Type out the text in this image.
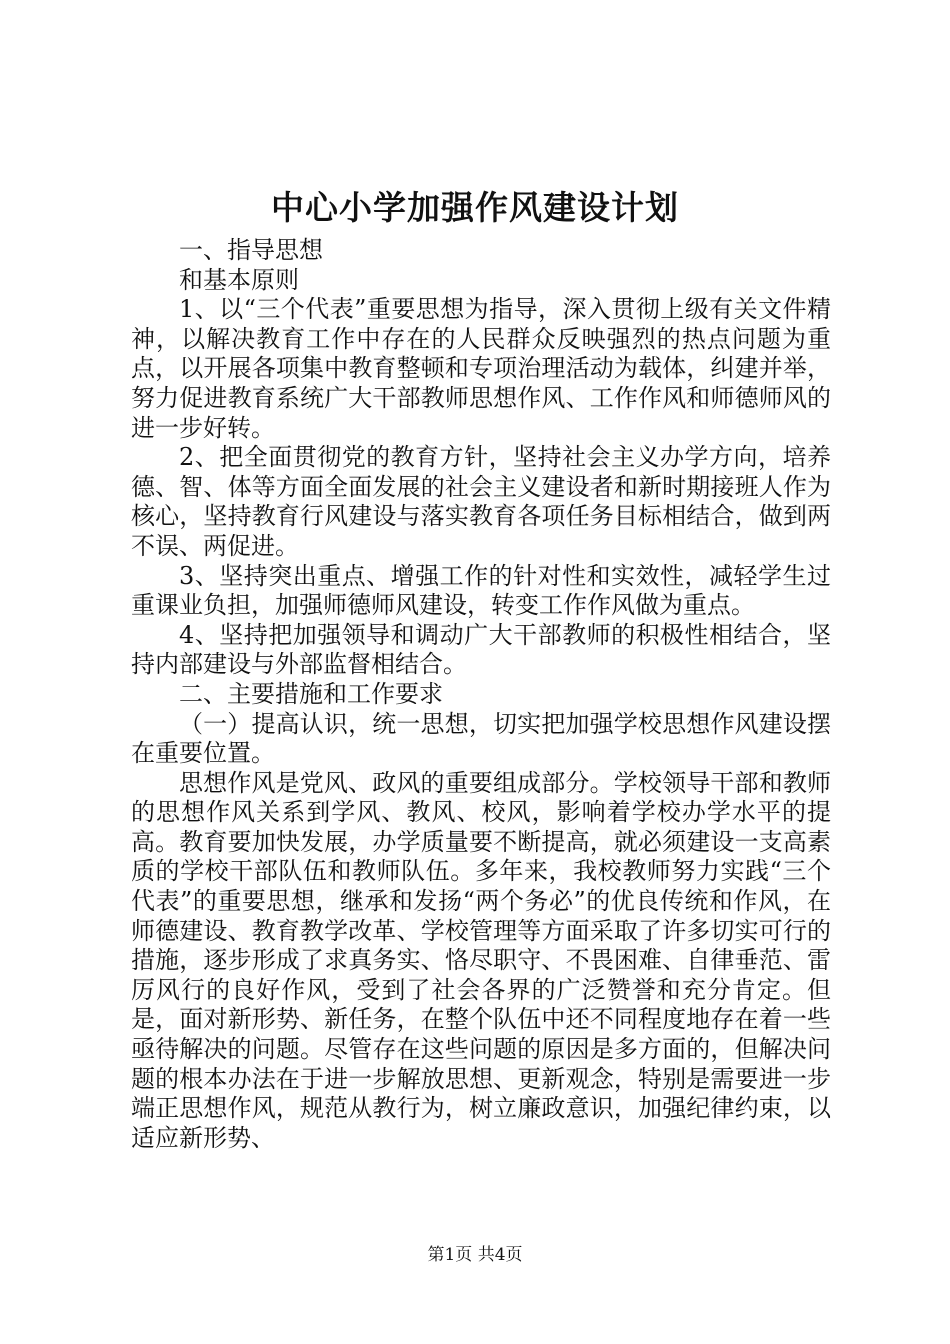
中心小学加强作风建设计划

一、指导思想

和基本原则

1、以“三个代表”重要思想为指导，深入贯彻上级有关文件精神，以解决教育工作中存在的人民群众反映强烈的热点问题为重点，以开展各项集中教育整顿和专项治理活动为载体，纠建并举，努力促进教育系统广大干部教师思想作风、工作作风和师德师风的进一步好转。

2、把全面贯彻党的教育方针，坚持社会主义办学方向，培养德、智、体等方面全面发展的社会主义建设者和新时期接班人作为核心，坚持教育行风建设与落实教育各项任务目标相结合，做到两不误、两促进。

3、坚持突出重点、增强工作的针对性和实效性，减轻学生过重课业负担，加强师德师风建设，转变工作作风做为重点。

4、坚持把加强领导和调动广大干部教师的积极性相结合，坚持内部建设与外部监督相结合。

二、主要措施和工作要求

（一）提高认识，统一思想，切实把加强学校思想作风建设摆在重要位置。

思想作风是党风、政风的重要组成部分。学校领导干部和教师的思想作风关系到学风、教风、校风，影响着学校办学水平的提高。教育要加快发展，办学质量要不断提高，就必须建设一支高素质的学校干部队伍和教师队伍。多年来，我校教师努力实践“三个代表”的重要思想，继承和发扬“两个务必”的优良传统和作风，在师德建设、教育教学改革、学校管理等方面采取了许多切实可行的措施，逐步形成了求真务实、恪尽职守、不畏困难、自律垂范、雷厉风行的良好作风，受到了社会各界的广泛赞誉和充分肯定。但是，面对新形势、新任务，在整个队伍中还不同程度地存在着一些亟待解决的问题。尽管存在这些问题的原因是多方面的，但解决问题的根本办法在于进一步解放思想、更新观念，特别是需要进一步端正思想作风，规范从教行为，树立廉政意识，加强纪律约束，以适应新形势、

第1页 共4页
